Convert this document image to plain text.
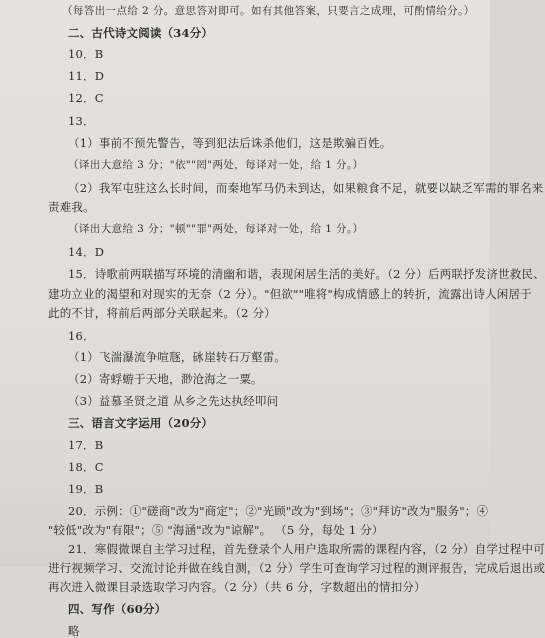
（每答出一点给 2 分。意思答对即可。如有其他答案，只要言之成理，可酌情给分。）
二、古代诗文阅读（34分）
10．B
11．D
12．C
13．
（1）事前不预先警告，等到犯法后诛杀他们，这是欺骗百姓。
（译出大意给 3 分；"依""罔"两处，每译对一处，给 1 分。）
（2）我军屯驻这么长时间，而秦地军马仍未到达，如果粮食不足，就要以缺乏军需的罪名来
责难我。
（译出大意给 3 分；"顿""罪"两处，每译对一处，给 1 分。）
14．D
15．诗歌前两联描写环境的清幽和谐，表现闲居生活的美好。（2 分）后两联抒发济世救民、
建功立业的渴望和对现实的无奈（2 分）。"但欲""唯将"构成情感上的转折，流露出诗人闲居于
此的不甘，将前后两部分关联起来。（2 分）
16．
（1）飞湍瀑流争喧豗，砯崖转石万壑雷。
（2）寄蜉蝣于天地，渺沧海之一粟。
（3）益慕圣贤之道 从乡之先达执经叩问
三、语言文字运用（20分）
17．B
18．C
19．B
20．示例：①"磋商"改为"商定"；②"光顾"改为"到场"；③"拜访"改为"服务"；④
"较低"改为"有限"；⑤ "海涵"改为"谅解"。 （5 分，每处 1 分）
21．寒假微课自主学习过程，首先登录个人用户选取所需的课程内容，（2 分）自学过程中可
进行视频学习、交流讨论并做在线自测，（2 分）学生可查询学习过程的测评报告，完成后退出或
再次进入微课目录选取学习内容。（2 分）（共 6 分，字数超出的情扣分）
四、写作（60分）
略
